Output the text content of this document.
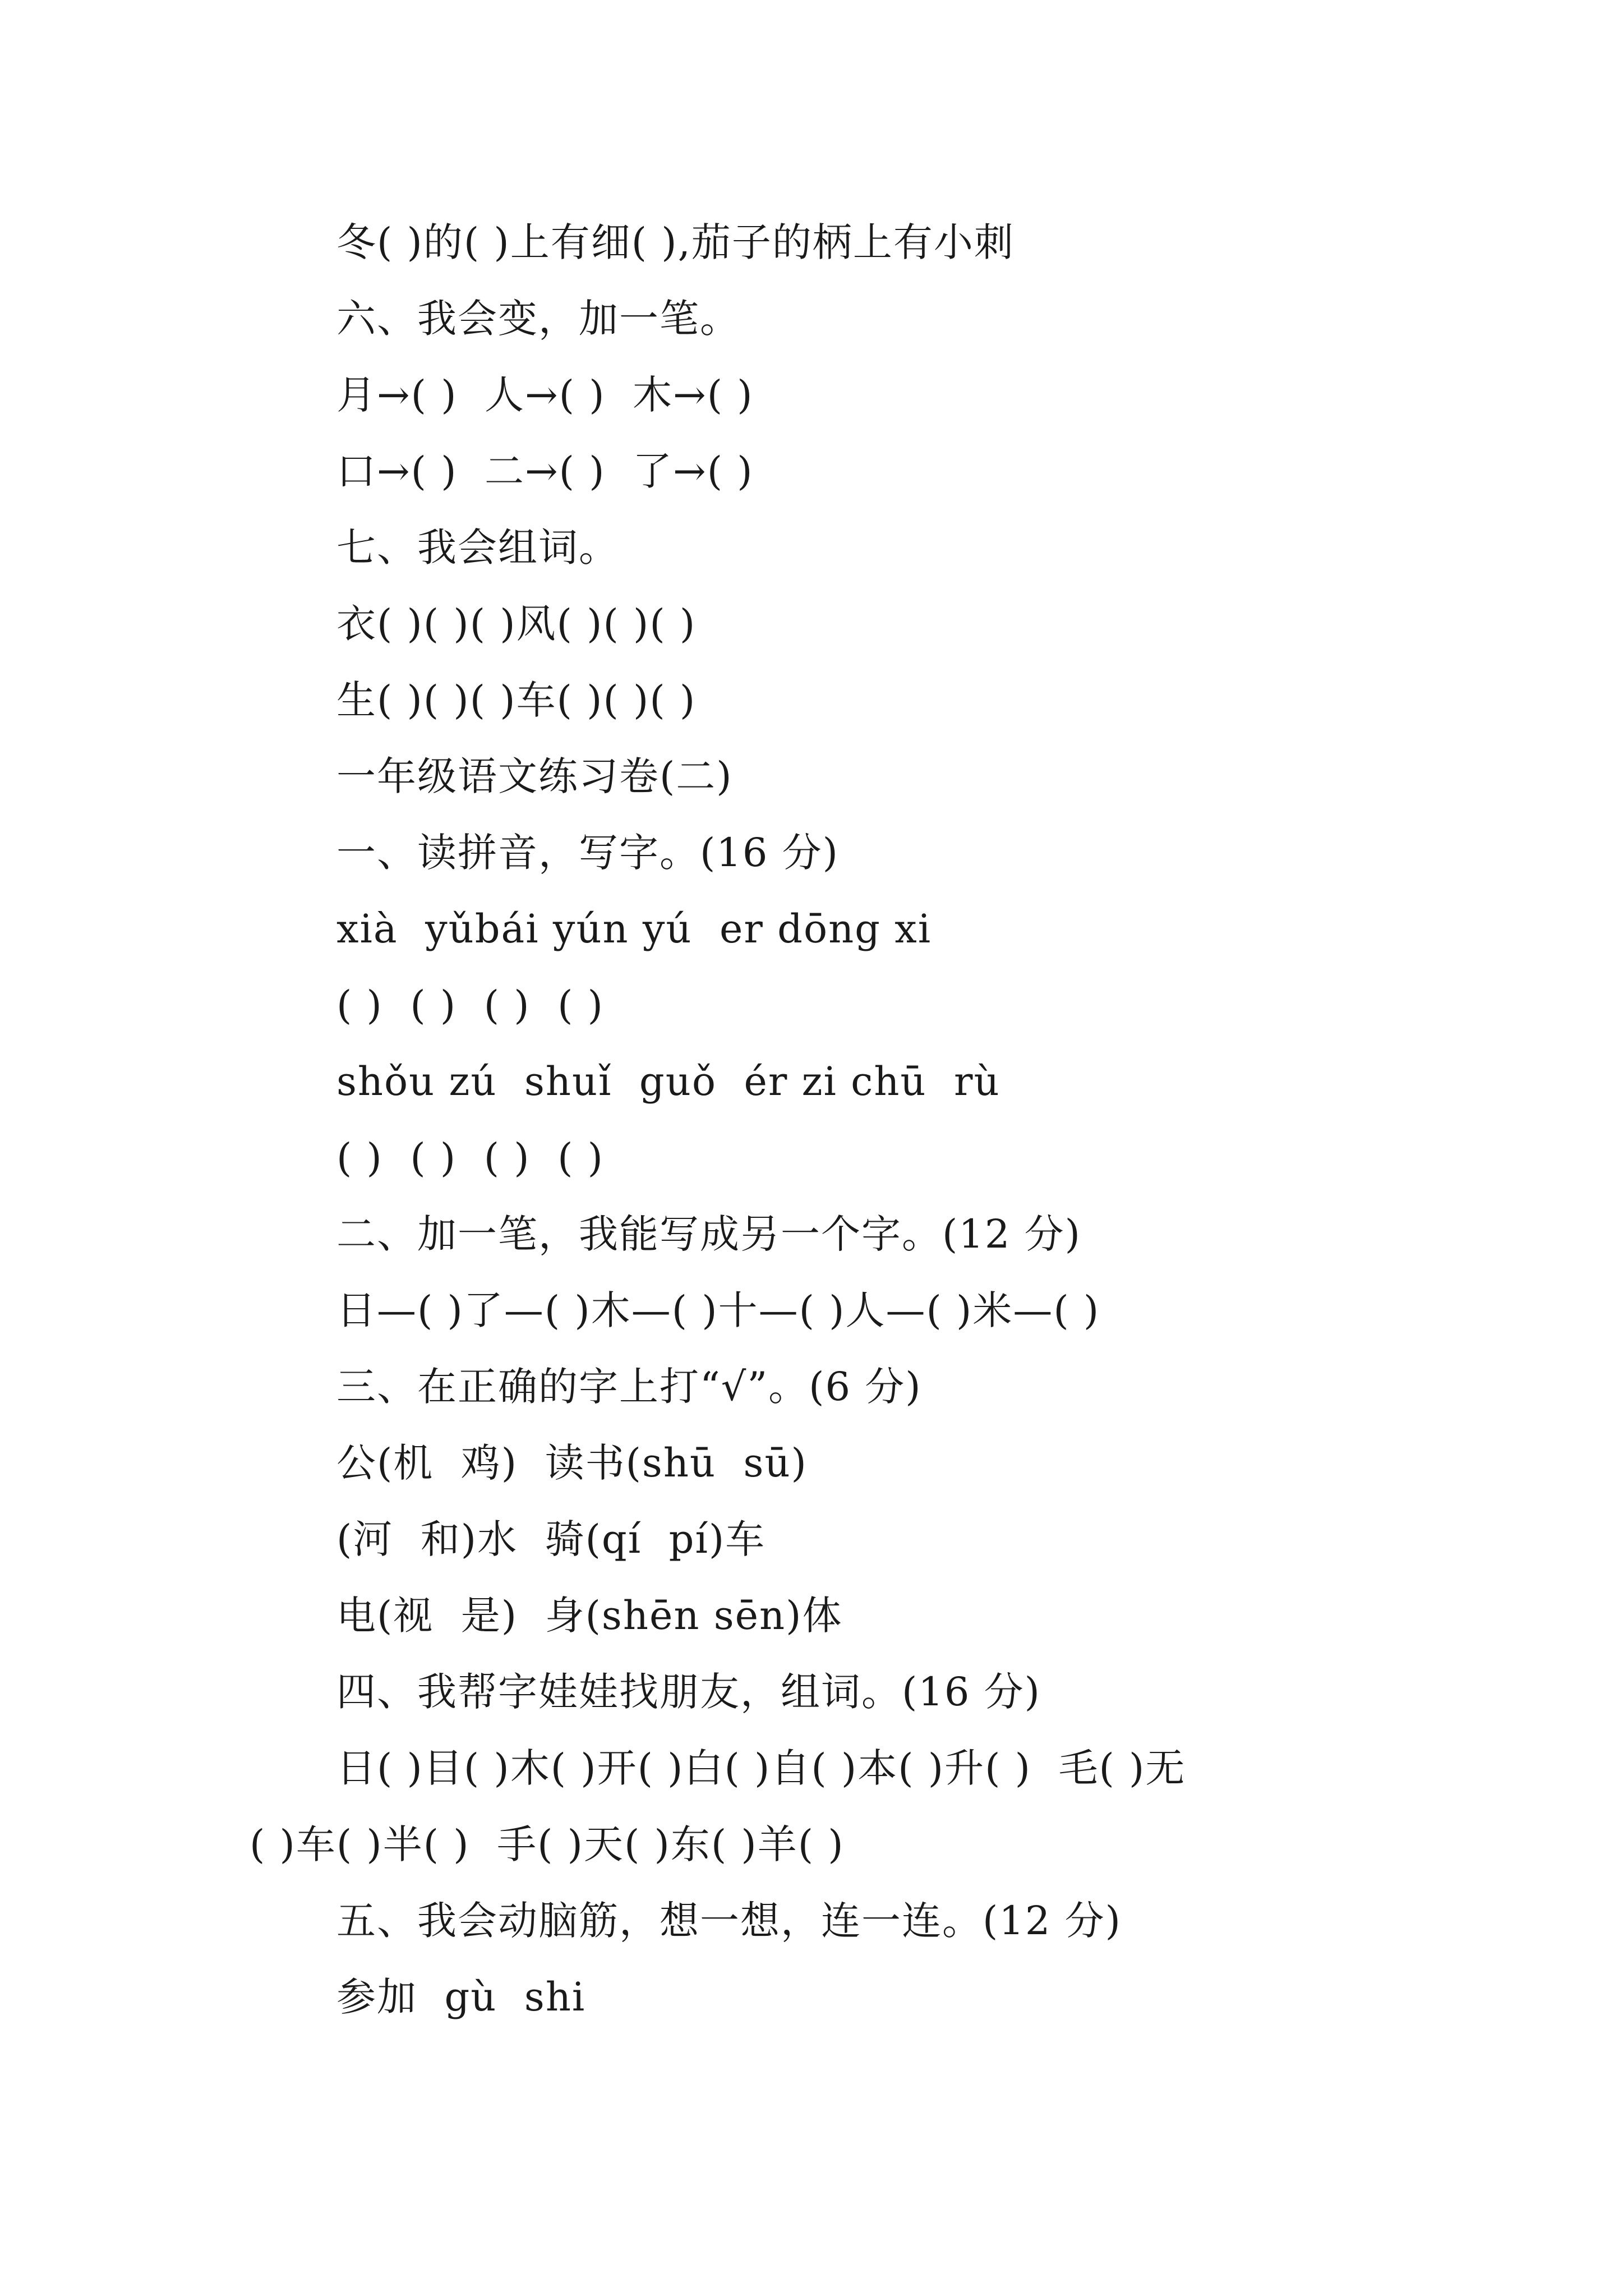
冬( )的( )上有细( ),茄子的柄上有小刺
六、我会变，加一笔。
月→( )  人→( )  木→( )
口→( )  二→( )  了→( )
七、我会组词。
衣( )( )( )风( )( )( )
生( )( )( )车( )( )( )
一年级语文练习卷(二)
一、读拼音，写字。(16 分)
xià  yǔbái yún yú  er dōng xi
( )  ( )  ( )  ( )
shǒu zú  shuǐ  guǒ  ér zi chū  rù
( )  ( )  ( )  ( )
二、加一笔，我能写成另一个字。(12 分)
日—( )了—( )木—( )十—( )人—( )米—( )
三、在正确的字上打“√”。(6 分)
公(机  鸡)  读书(shū  sū)
(河  和)水  骑(qí  pí)车
电(视  是)  身(shēn sēn)体
四、我帮字娃娃找朋友，组词。(16 分)
日( )目( )木( )开( )白( )自( )本( )升( )  毛( )无
( )车( )半( )  手( )天( )东( )羊( )
五、我会动脑筋，想一想，连一连。(12 分)
参加  gù  shi
